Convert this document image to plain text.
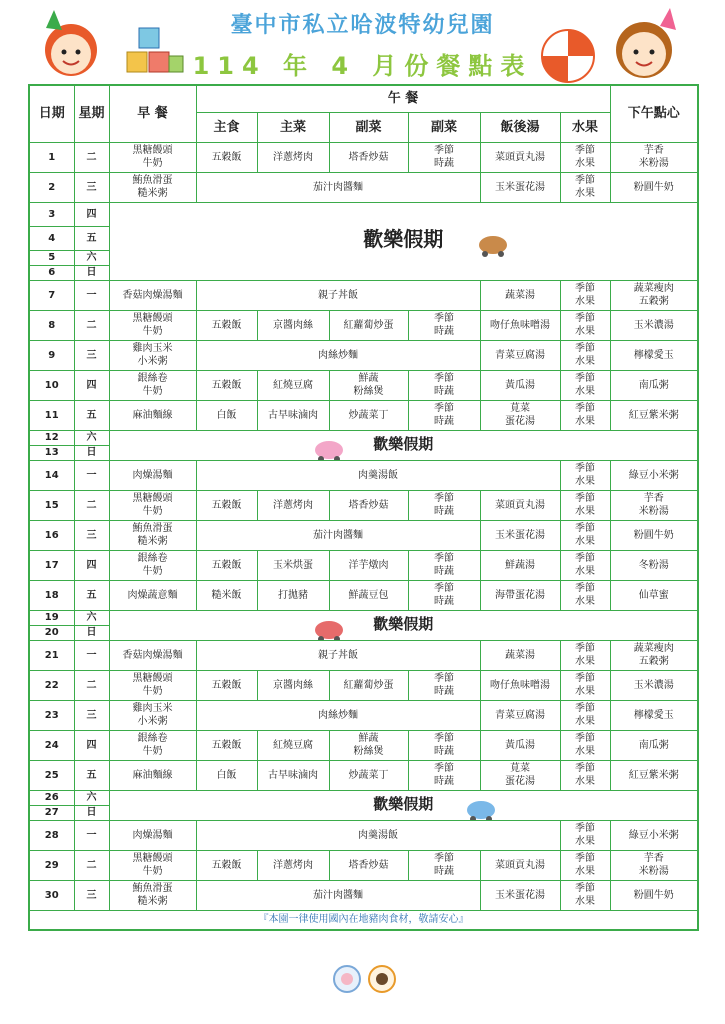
臺中市私立哈波特幼兒園
114 年 4 月份餐點表
日期	星期	早 餐	午 餐						下午點心
			主食	主菜	副菜	副菜	飯後湯	水果	
1	二	黑糖饅頭
牛奶	五穀飯	洋蔥烤肉	塔香炒菇	季節
時蔬	菜頭貢丸湯	季節
水果	芋香
米粉湯
2	三	鮪魚滑蛋
糙米粥	茄汁肉醬麵				玉米蛋花湯	季節
水果	粉圓牛奶
3	四	歡樂假期							

4	五								
5	六								
6	日								
7	一	香菇肉燥湯麵	親子丼飯				蔬菜湯	季節
水果	蔬菜瘦肉
五穀粥
8	二	黑糖饅頭
牛奶	五穀飯	京醬肉絲	紅蘿蔔炒蛋	季節
時蔬	吻仔魚味噌湯	季節
水果	玉米濃湯
9	三	雞肉玉米
小米粥	肉絲炒麵				青菜豆腐湯	季節
水果	檸檬愛玉
10	四	銀絲卷
牛奶	五穀飯	紅燒豆腐	鮮蔬
粉絲煲	季節
時蔬	黃瓜湯	季節
水果	南瓜粥
11	五	麻油麵線	白飯	古早味滷肉	炒蔬菜丁	季節
時蔬	莧菜
蛋花湯	季節
水果	紅豆紫米粥
12	六	歡樂假期							

13	日								
14	一	肉燥湯麵	肉羹湯飯					季節
水果	綠豆小米粥
15	二	黑糖饅頭
牛奶	五穀飯	洋蔥烤肉	塔香炒菇	季節
時蔬	菜頭貢丸湯	季節
水果	芋香
米粉湯
16	三	鮪魚滑蛋
糙米粥	茄汁肉醬麵				玉米蛋花湯	季節
水果	粉圓牛奶
17	四	銀絲卷
牛奶	五穀飯	玉米烘蛋	洋芋燉肉	季節
時蔬	鮮蔬湯	季節
水果	冬粉湯
18	五	肉燥蔬意麵	糙米飯	打拋豬	鮮蔬豆包	季節
時蔬	海帶蛋花湯	季節
水果	仙草蜜
19	六	歡樂假期							

20	日								
21	一	香菇肉燥湯麵	親子丼飯				蔬菜湯	季節
水果	蔬菜瘦肉
五穀粥
22	二	黑糖饅頭
牛奶	五穀飯	京醬肉絲	紅蘿蔔炒蛋	季節
時蔬	吻仔魚味噌湯	季節
水果	玉米濃湯
23	三	雞肉玉米
小米粥	肉絲炒麵				青菜豆腐湯	季節
水果	檸檬愛玉
24	四	銀絲卷
牛奶	五穀飯	紅燒豆腐	鮮蔬
粉絲煲	季節
時蔬	黃瓜湯	季節
水果	南瓜粥
25	五	麻油麵線	白飯	古早味滷肉	炒蔬菜丁	季節
時蔬	莧菜
蛋花湯	季節
水果	紅豆紫米粥
26	六	歡樂假期							

27	日								
28	一	肉燥湯麵	肉羹湯飯					季節
水果	綠豆小米粥
29	二	黑糖饅頭
牛奶	五穀飯	洋蔥烤肉	塔香炒菇	季節
時蔬	菜頭貢丸湯	季節
水果	芋香
米粉湯
30	三	鮪魚滑蛋
糙米粥	茄汁肉醬麵				玉米蛋花湯	季節
水果	粉圓牛奶
『本園一律使用國內在地豬肉食材，敬請安心』									
